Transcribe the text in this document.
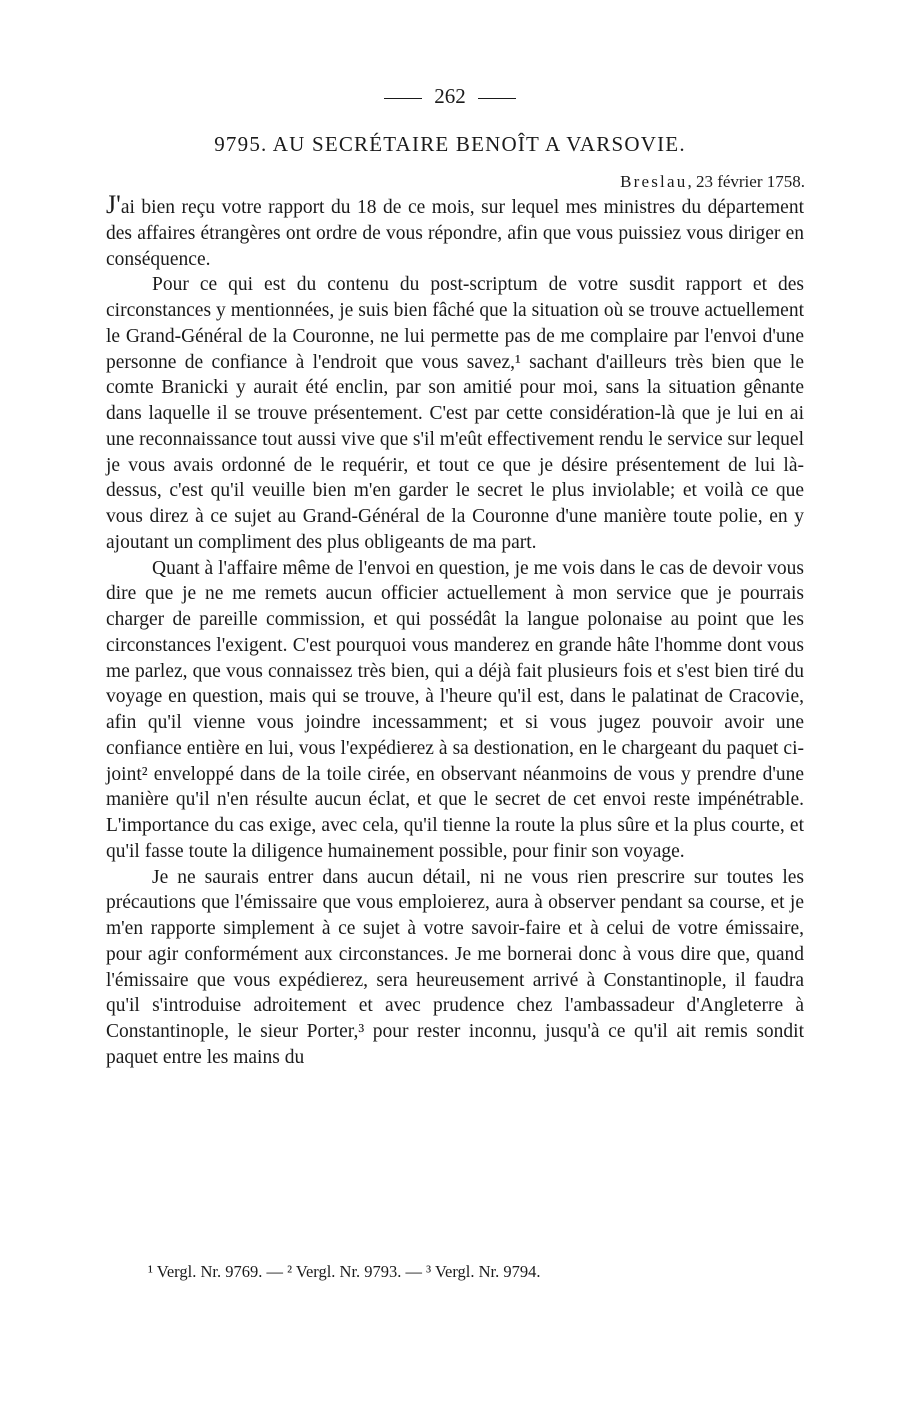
262
9795. AU SECRÉTAIRE BENOÎT A VARSOVIE.
Breslau, 23 février 1758.

J'ai bien reçu votre rapport du 18 de ce mois, sur lequel mes ministres du département des affaires étrangères ont ordre de vous répondre, afin que vous puissiez vous diriger en conséquence.

Pour ce qui est du contenu du post-scriptum de votre susdit rapport et des circonstances y mentionnées, je suis bien fâché que la situation où se trouve actuellement le Grand-Général de la Couronne, ne lui permette pas de me complaire par l'envoi d'une personne de confiance à l'endroit que vous savez,¹ sachant d'ailleurs très bien que le comte Branicki y aurait été enclin, par son amitié pour moi, sans la situation gênante dans laquelle il se trouve présentement. C'est par cette considération-là que je lui en ai une reconnaissance tout aussi vive que s'il m'eût effectivement rendu le service sur lequel je vous avais ordonné de le requérir, et tout ce que je désire présentement de lui là-dessus, c'est qu'il veuille bien m'en garder le secret le plus inviolable; et voilà ce que vous direz à ce sujet au Grand-Général de la Couronne d'une manière toute polie, en y ajoutant un compliment des plus obligeants de ma part.

Quant à l'affaire même de l'envoi en question, je me vois dans le cas de devoir vous dire que je ne me remets aucun officier actuellement à mon service que je pourrais charger de pareille commission, et qui possédât la langue polonaise au point que les circonstances l'exigent. C'est pourquoi vous manderez en grande hâte l'homme dont vous me parlez, que vous connaissez très bien, qui a déjà fait plusieurs fois et s'est bien tiré du voyage en question, mais qui se trouve, à l'heure qu'il est, dans le palatinat de Cracovie, afin qu'il vienne vous joindre incessamment; et si vous jugez pouvoir avoir une confiance entière en lui, vous l'expédierez à sa destionation, en le chargeant du paquet ci-joint² enveloppé dans de la toile cirée, en observant néanmoins de vous y prendre d'une manière qu'il n'en résulte aucun éclat, et que le secret de cet envoi reste impénétrable. L'importance du cas exige, avec cela, qu'il tienne la route la plus sûre et la plus courte, et qu'il fasse toute la diligence humainement possible, pour finir son voyage.

Je ne saurais entrer dans aucun détail, ni ne vous rien prescrire sur toutes les précautions que l'émissaire que vous emploierez, aura à observer pendant sa course, et je m'en rapporte simplement à ce sujet à votre savoir-faire et à celui de votre émissaire, pour agir conformément aux circonstances. Je me bornerai donc à vous dire que, quand l'émissaire que vous expédierez, sera heureusement arrivé à Constantinople, il faudra qu'il s'introduise adroitement et avec prudence chez l'ambassadeur d'Angleterre à Constantinople, le sieur Porter,³ pour rester inconnu, jusqu'à ce qu'il ait remis sondit paquet entre les mains du

¹ Vergl. Nr. 9769. — ² Vergl. Nr. 9793. — ³ Vergl. Nr. 9794.
